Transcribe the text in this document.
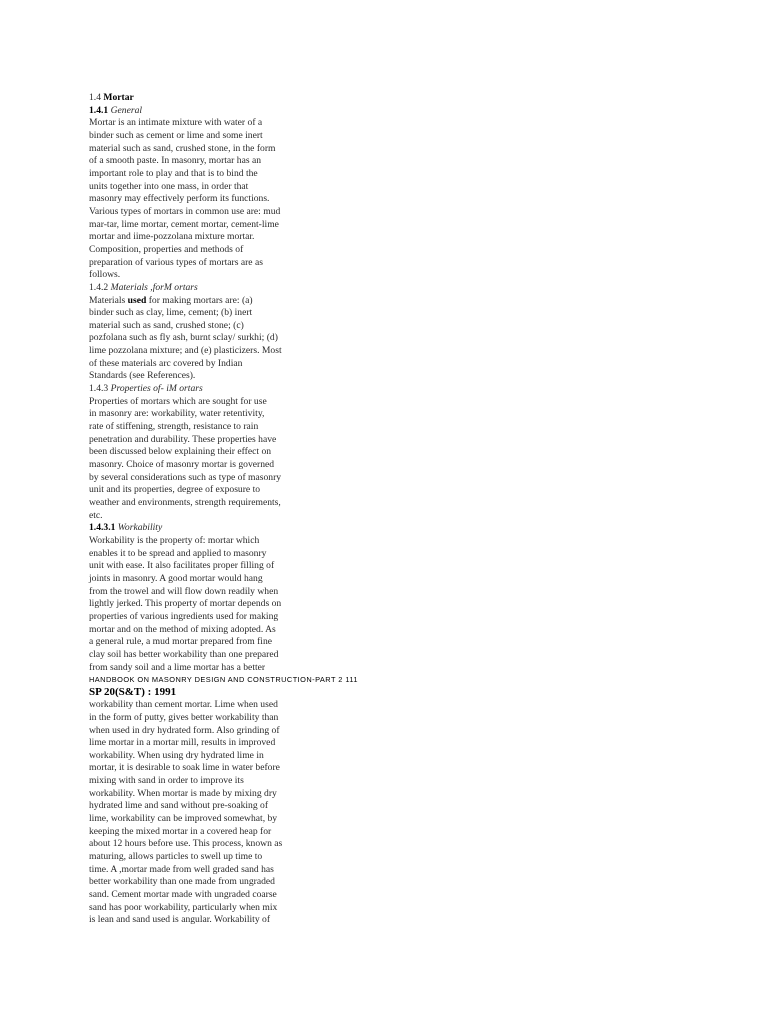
1.4 Mortar
1.4.1 General
Mortar is an intimate mixture with water of a
binder such as cement or lime and some inert
material such as sand, crushed stone, in the form
of a smooth paste. In masonry, mortar has an
important role to play and that is to bind the
units together into one mass, in order that
masonry may effectively perform its functions.
Various types of mortars in common use are: mud
mar-tar, lime mortar, cement mortar, cement-lime
mortar and iime-pozzolana mixture mortar.
Composition, properties and methods of
preparation of various types of mortars are as
follows.
1.4.2 Materials ,forM ortars
Materials used for making mortars are: (a)
binder such as clay, lime, cement; (b) inert
material such as sand, crushed stone; (c)
pozfolana such as fly ash, burnt sclay/ surkhi; (d)
lime pozzolana mixture; and (e) plasticizers. Most
of these materials arc covered by Indian
Standards (see References).
1.4.3 Properties of- iM ortars
Properties of mortars which are sought for use
in masonry are: workability, water retentivity,
rate of stiffening, strength, resistance to rain
penetration and durability. These properties have
been discussed below explaining their effect on
masonry. Choice of masonry mortar is governed
by several considerations such as type of masonry
unit and its properties, degree of exposure to
weather and environments, strength requirements,
etc.
1.4.3.1 Workability
Workability is the property of: mortar which
enables it to be spread and applied to masonry
unit with ease. It also facilitates proper filling of
joints in masonry. A good mortar would hang
from the trowel and will flow down readily when
lightly jerked. This property of mortar depends on
properties of various ingredients used for making
mortar and on the method of mixing adopted. As
a general rule, a mud mortar prepared from fine
clay soil has better workability than one prepared
from sandy soil and a lime mortar has a better
HANDBOOK ON MASONRY DESIGN AND CONSTRUCTION-PART 2 111
SP 20(S&T) : 1991
workability than cement mortar. Lime when used
in the form of putty, gives better workability than
when used in dry hydrated form. Also grinding of
lime mortar in a mortar mill, results in improved
workability. When using dry hydrated lime in
mortar, it is desirable to soak lime in water before
mixing with sand in order to improve its
workability. When mortar is made by mixing dry
hydrated lime and sand without pre-soaking of
lime, workability can be improved somewhat, by
keeping the mixed mortar in a covered heap for
about 12 hours before use. This process, known as
maturing, allows particles to swell up time to
time. A ,mortar made from well graded sand has
better workability than one made from ungraded
sand. Cement mortar made with ungraded coarse
sand has poor workability, particularly when mix
is lean and sand used is angular. Workability of
